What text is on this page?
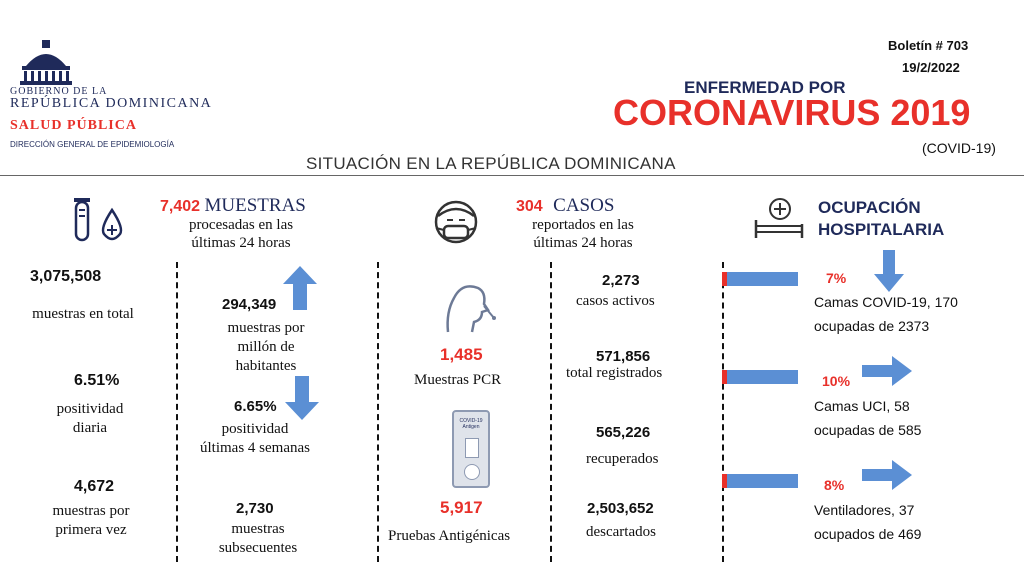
GOBIERNO DE LA
REPÚBLICA DOMINICANA
SALUD PÚBLICA
DIRECCIÓN GENERAL DE EPIDEMIOLOGÍA
Boletín # 703
19/2/2022
ENFERMEDAD POR
CORONAVIRUS 2019
(COVID-19)
SITUACIÓN EN LA REPÚBLICA DOMINICANA
7,402 MUESTRAS
procesadas en las últimas 24 horas
3,075,508
muestras en total
6.51%
positividad diaria
4,672
muestras por primera vez
294,349
muestras por millón de habitantes
6.65%
positividad últimas 4 semanas
2,730
muestras subsecuentes
304 CASOS
reportados en las últimas 24 horas
1,485
Muestras PCR
COVID-19 Antigen
5,917
Pruebas Antigénicas
2,273
casos activos
571,856
total registrados
565,226
recuperados
2,503,652
descartados
OCUPACIÓN
HOSPITALARIA
7%
Camas COVID-19, 170
ocupadas de 2373
10%
Camas UCI, 58
ocupadas de 585
8%
Ventiladores, 37
ocupados de 469
